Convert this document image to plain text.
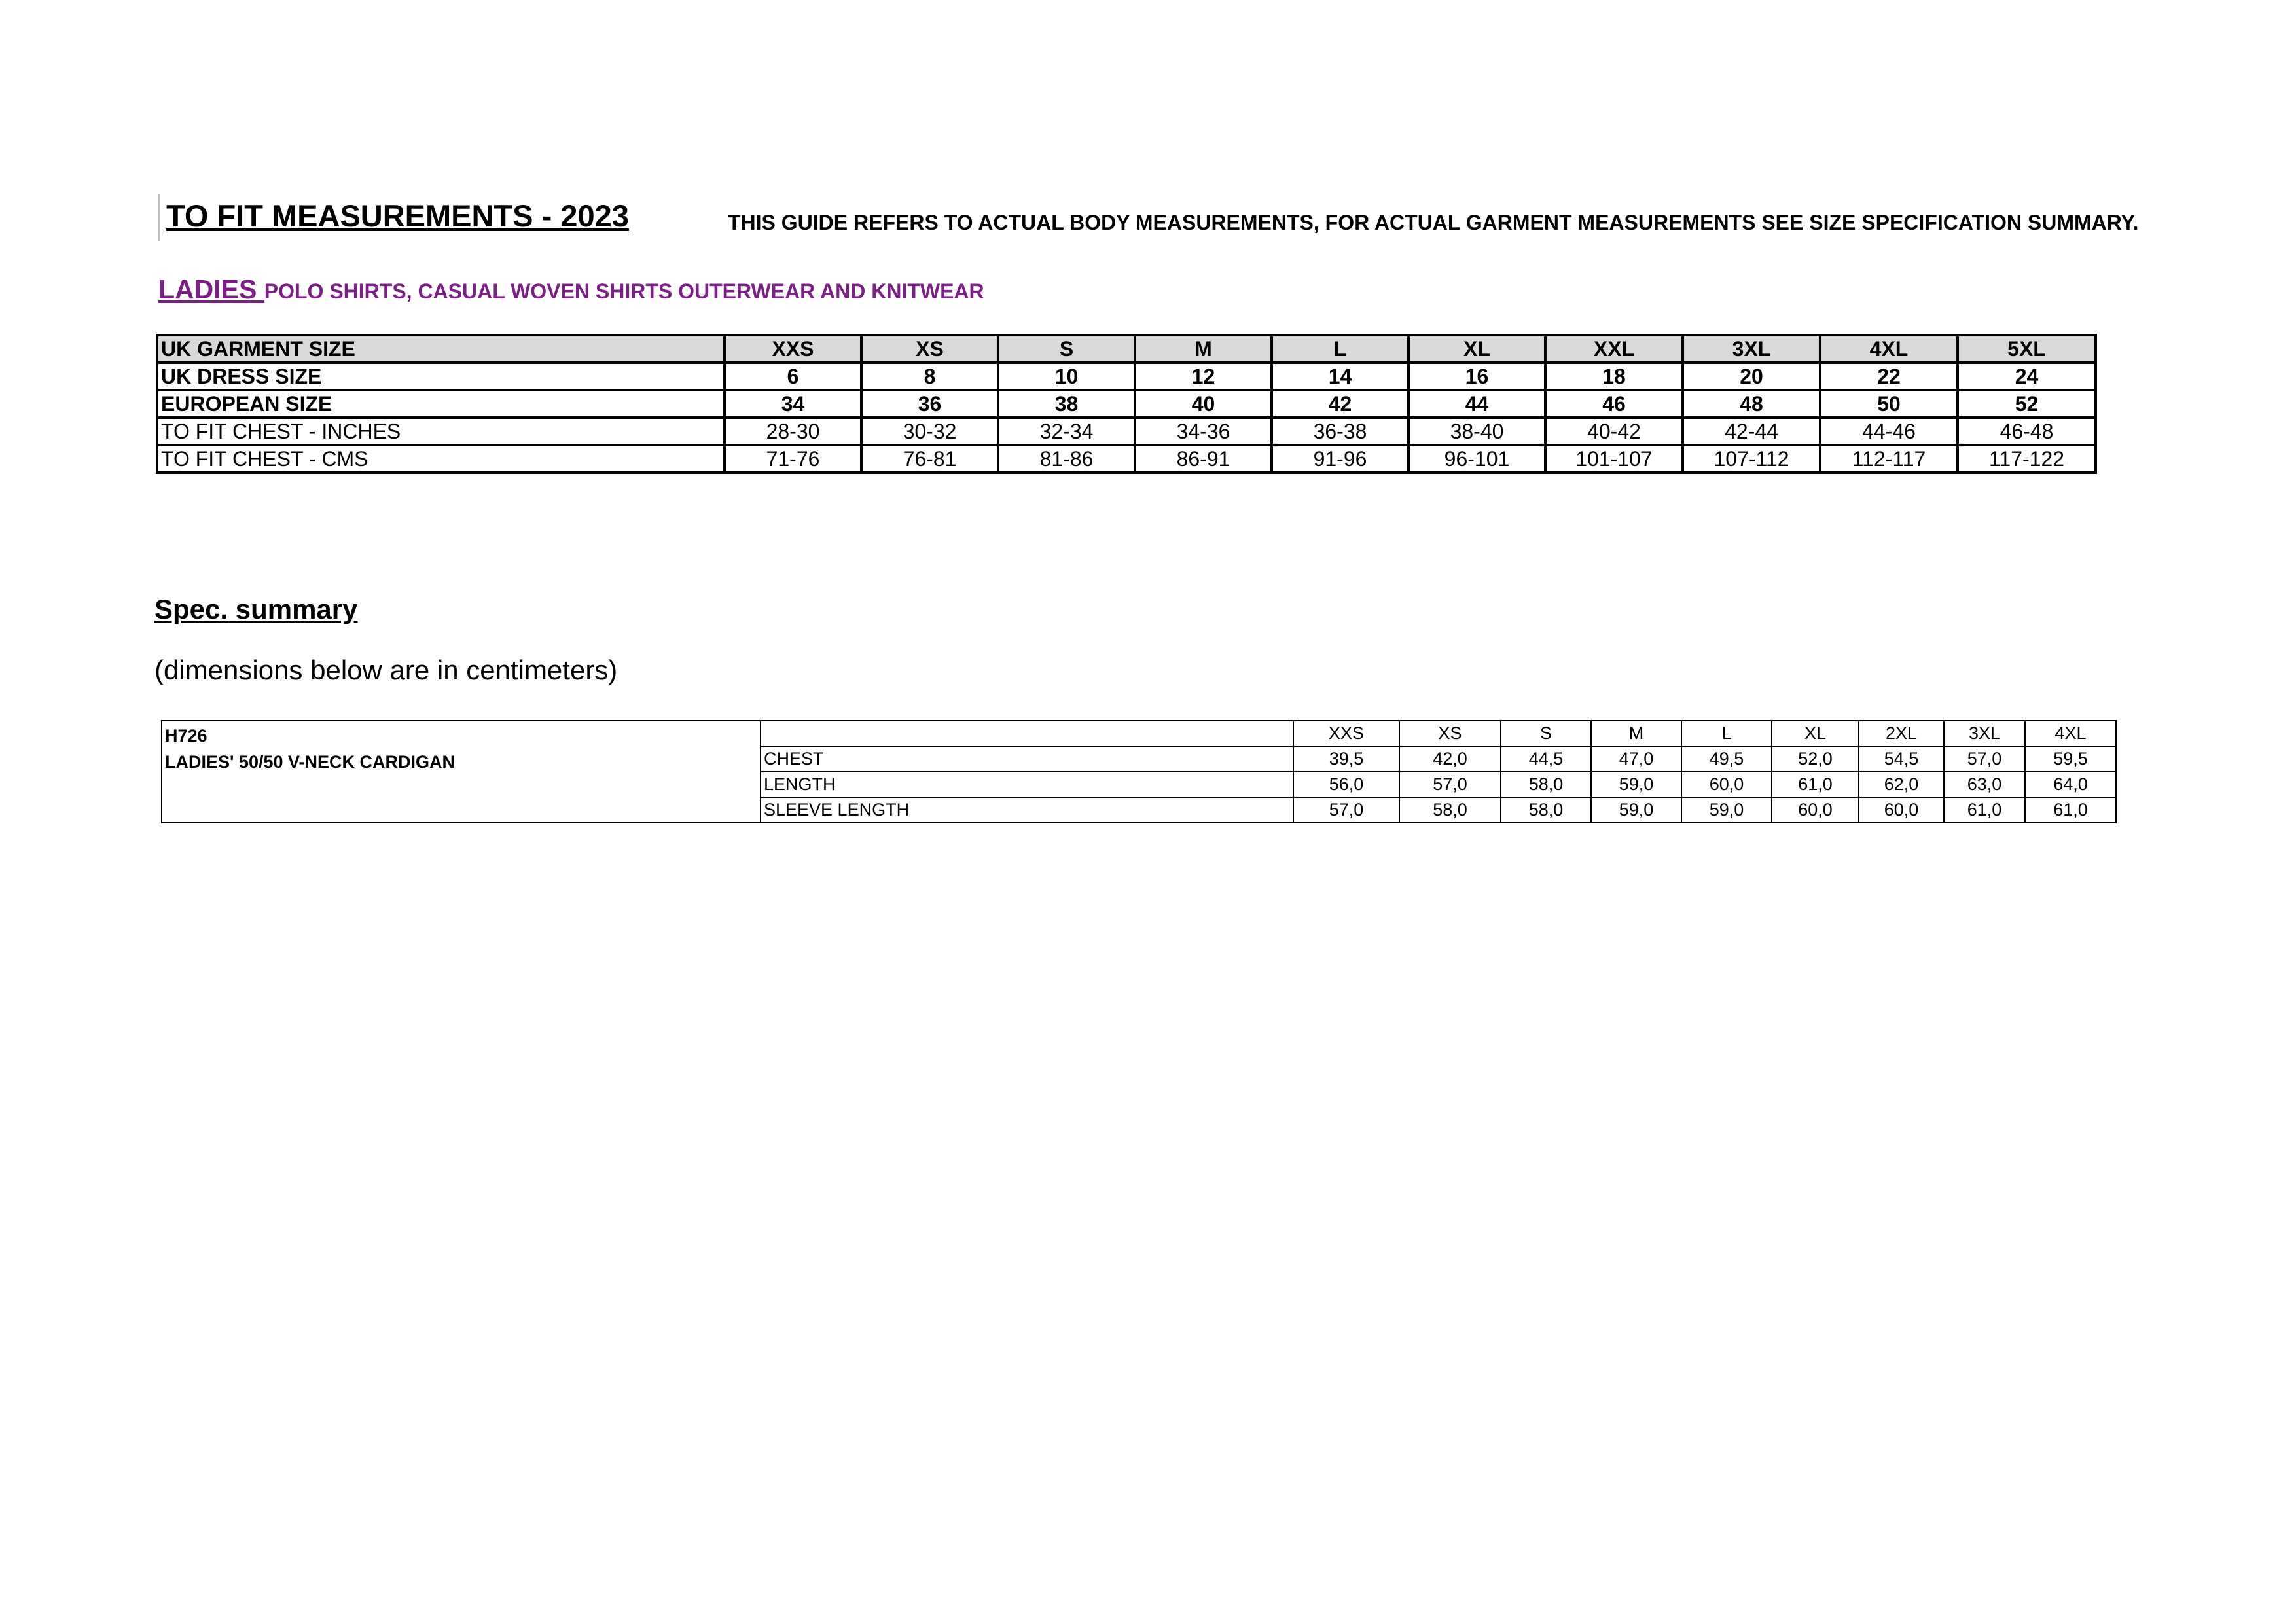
TO FIT MEASUREMENTS - 2023	THIS GUIDE REFERS TO ACTUAL BODY MEASUREMENTS, FOR ACTUAL GARMENT MEASUREMENTS SEE SIZE SPECIFICATION SUMMARY.
LADIES POLO SHIRTS, CASUAL WOVEN SHIRTS OUTERWEAR AND KNITWEAR
UK GARMENT SIZE	XXS	XS	S	M	L	XL	XXL	3XL	4XL	5XL
UK DRESS SIZE	6	8	10	12	14	16	18	20	22	24
EUROPEAN SIZE	34	36	38	40	42	44	46	48	50	52
TO FIT CHEST - INCHES	28-30	30-32	32-34	34-36	36-38	38-40	40-42	42-44	44-46	46-48
TO FIT CHEST - CMS	71-76	76-81	81-86	86-91	91-96	96-101	101-107	107-112	112-117	117-122
Spec. summary
(dimensions below are in centimeters)
H726
LADIES' 50/50 V-NECK CARDIGAN		XXS	XS	S	M	L	XL	2XL	3XL	4XL
	CHEST	39,5	42,0	44,5	47,0	49,5	52,0	54,5	57,0	59,5
	LENGTH	56,0	57,0	58,0	59,0	60,0	61,0	62,0	63,0	64,0
	SLEEVE LENGTH	57,0	58,0	58,0	59,0	59,0	60,0	60,0	61,0	61,0
